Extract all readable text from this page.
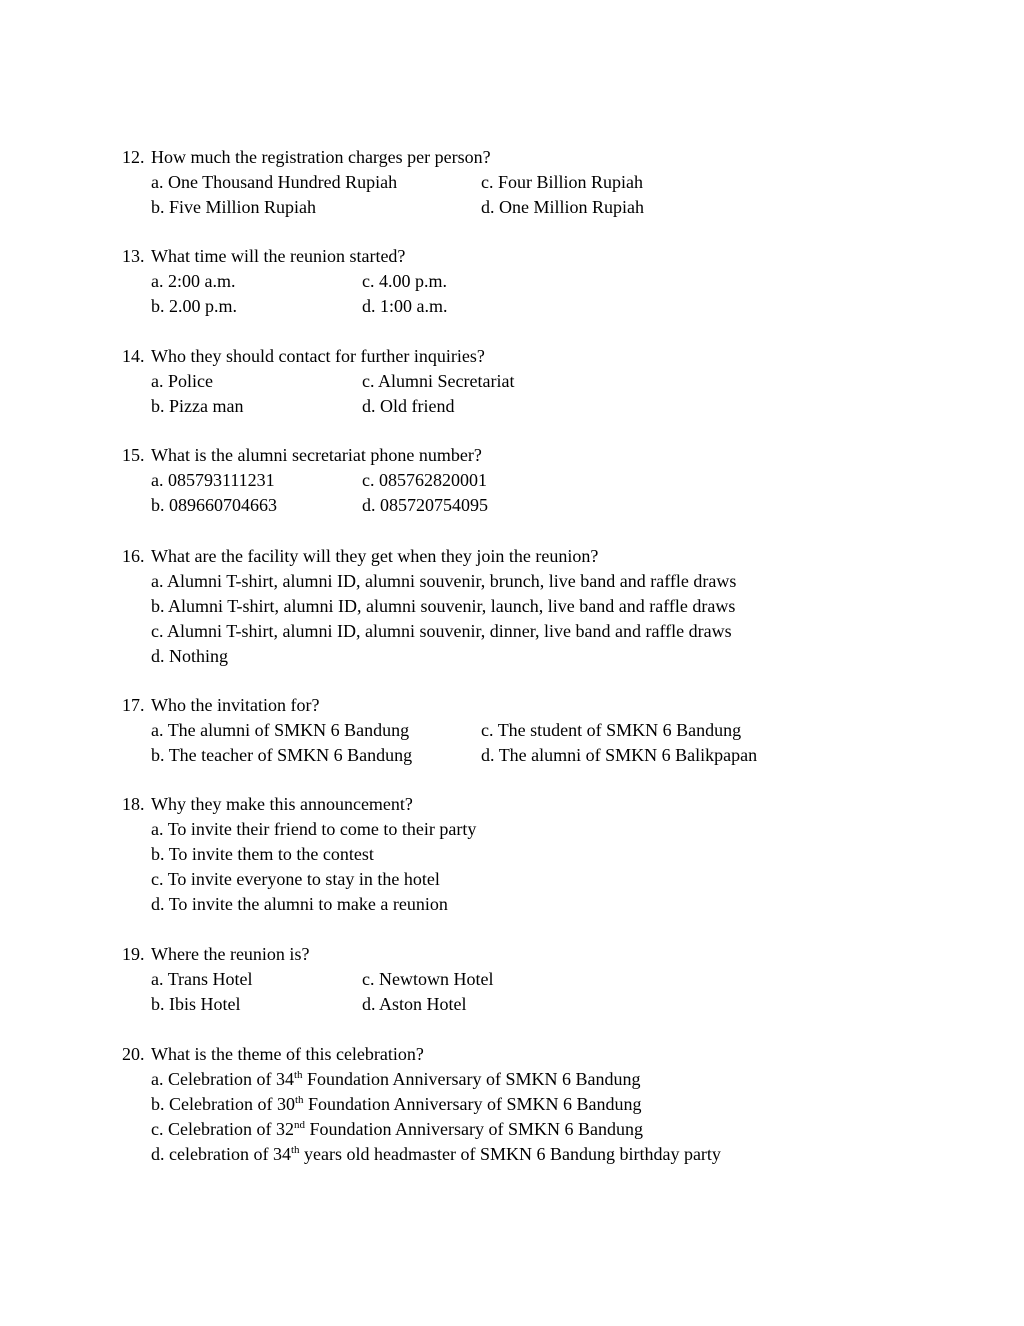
12. How much the registration charges per person?
a. One Thousand Hundred Rupiah	c. Four Billion Rupiah
b. Five Million Rupiah	d. One Million Rupiah
13. What time will the reunion started?
a. 2:00 a.m.	c. 4.00 p.m.
b. 2.00 p.m.	d. 1:00 a.m.
14. Who they should contact for further inquiries?
a. Police	c. Alumni Secretariat
b. Pizza man	d. Old friend
15. What is the alumni secretariat phone number?
a. 085793111231	c. 085762820001
b. 089660704663	d. 085720754095
16. What are the facility will they get when they join the reunion?
a. Alumni T-shirt, alumni ID, alumni souvenir, brunch, live band and raffle draws
b. Alumni T-shirt, alumni ID, alumni souvenir, launch, live band and raffle draws
c. Alumni T-shirt, alumni ID, alumni souvenir, dinner, live band and raffle draws
d. Nothing
17. Who the invitation for?
a. The alumni of SMKN 6 Bandung	c. The student of SMKN 6 Bandung
b. The teacher of SMKN 6 Bandung	d. The alumni of SMKN 6 Balikpapan
18. Why they make this announcement?
a. To invite their friend to come to their party
b. To invite them to the contest
c. To invite everyone to stay in the hotel
d. To invite the alumni to make a reunion
19. Where the reunion is?
a. Trans Hotel	c. Newtown Hotel
b. Ibis Hotel	d. Aston Hotel
20. What is the theme of this celebration?
a. Celebration of 34th Foundation Anniversary of SMKN 6 Bandung
b. Celebration of 30th Foundation Anniversary of SMKN 6 Bandung
c. Celebration of 32nd Foundation Anniversary of SMKN 6 Bandung
d. celebration of 34th years old headmaster of SMKN 6 Bandung birthday party
